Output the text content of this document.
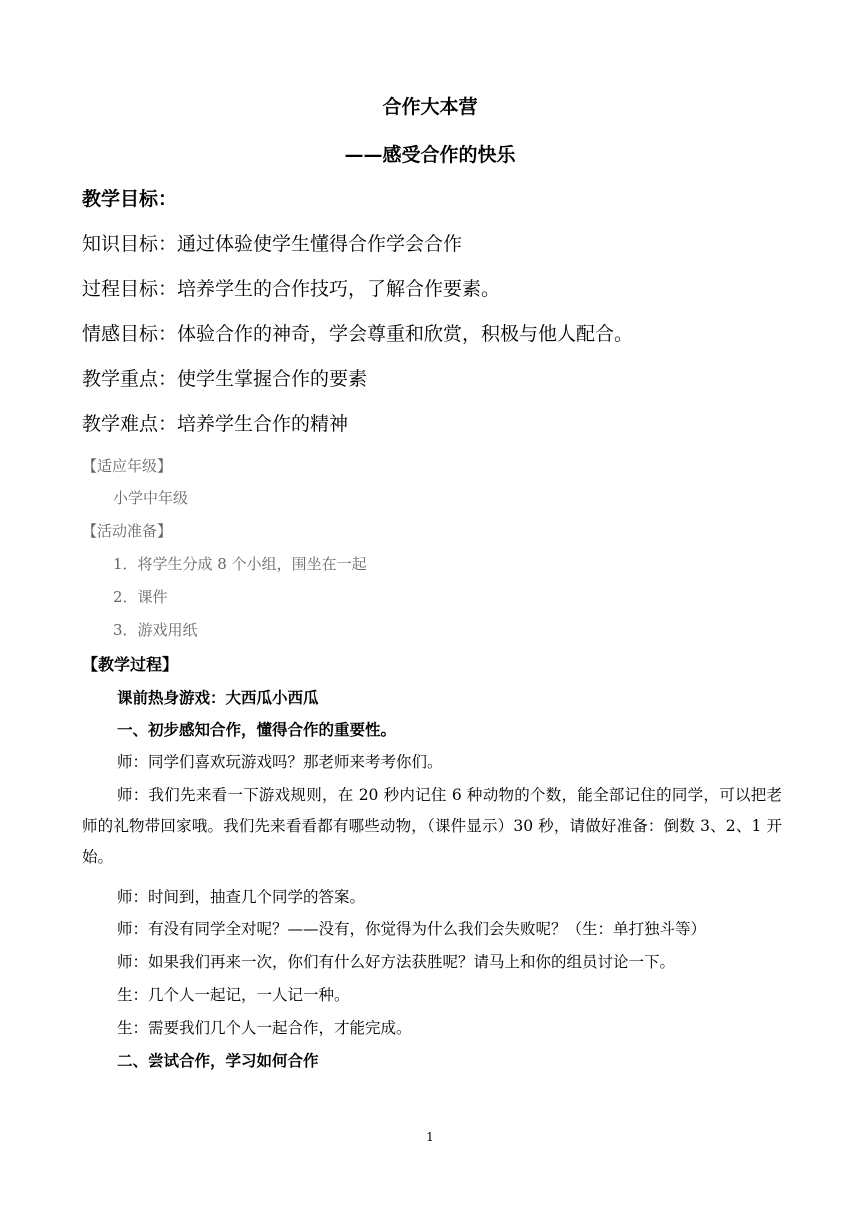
合作大本营
——感受合作的快乐
教学目标：
知识目标：通过体验使学生懂得合作学会合作
过程目标：培养学生的合作技巧，了解合作要素。
情感目标：体验合作的神奇，学会尊重和欣赏，积极与他人配合。
教学重点：使学生掌握合作的要素
教学难点：培养学生合作的精神
【适应年级】
小学中年级
【活动准备】
1．将学生分成 8 个小组，围坐在一起
2．课件
3．游戏用纸
【教学过程】
课前热身游戏：大西瓜小西瓜
一、初步感知合作，懂得合作的重要性。
师：同学们喜欢玩游戏吗？那老师来考考你们。
师：我们先来看一下游戏规则，在 20 秒内记住 6 种动物的个数，能全部记住的同学，可以把老师的礼物带回家哦。我们先来看看都有哪些动物，（课件显示）30 秒，请做好准备：倒数 3、2、1 开始。
师：时间到，抽查几个同学的答案。
师：有没有同学全对呢？——没有，你觉得为什么我们会失败呢？（生：单打独斗等）
师：如果我们再来一次，你们有什么好方法获胜呢？请马上和你的组员讨论一下。
生：几个人一起记，一人记一种。
生：需要我们几个人一起合作，才能完成。
二、尝试合作，学习如何合作
1
